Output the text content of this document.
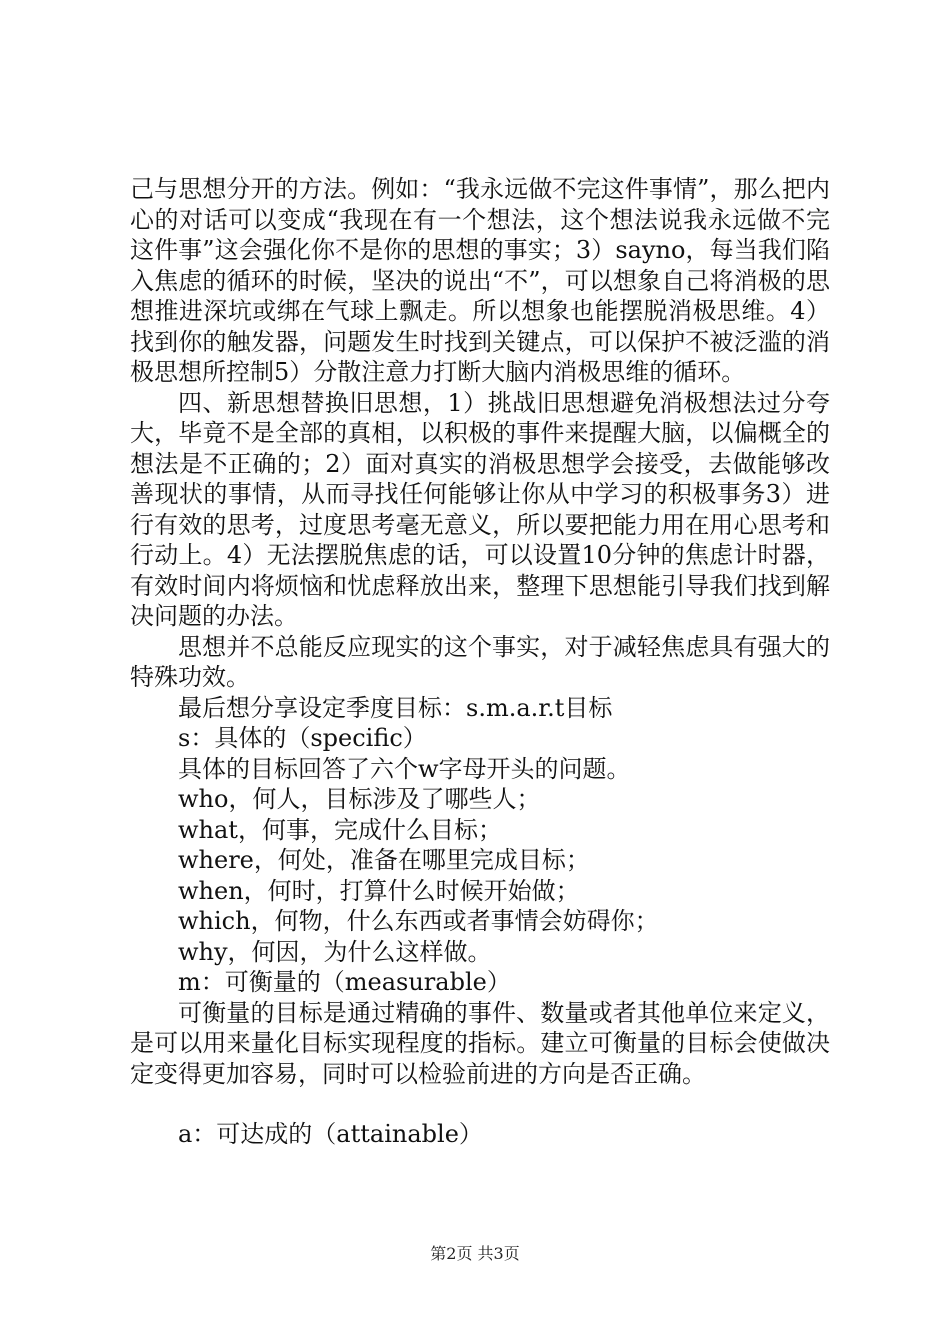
己与思想分开的方法。例如：“我永远做不完这件事情”，那么把内心的对话可以变成“我现在有一个想法，这个想法说我永远做不完这件事”这会强化你不是你的思想的事实；3）sayno，每当我们陷入焦虑的循环的时候，坚决的说出“不”，可以想象自己将消极的思想推进深坑或绑在气球上飘走。所以想象也能摆脱消极思维。4）找到你的触发器，问题发生时找到关键点，可以保护不被泛滥的消极思想所控制5）分散注意力打断大脑内消极思维的循环。

四、新思想替换旧思想，1）挑战旧思想避免消极想法过分夸大，毕竟不是全部的真相，以积极的事件来提醒大脑，以偏概全的想法是不正确的；2）面对真实的消极思想学会接受，去做能够改善现状的事情，从而寻找任何能够让你从中学习的积极事务3）进行有效的思考，过度思考毫无意义，所以要把能力用在用心思考和行动上。4）无法摆脱焦虑的话，可以设置10分钟的焦虑计时器，有效时间内将烦恼和忧虑释放出来，整理下思想能引导我们找到解决问题的办法。

思想并不总能反应现实的这个事实，对于减轻焦虑具有强大的特殊功效。

最后想分享设定季度目标：s.m.a.r.t目标

s：具体的（specific）

具体的目标回答了六个w字母开头的问题。

who，何人，目标涉及了哪些人；

what，何事，完成什么目标；

where，何处，准备在哪里完成目标；

when，何时，打算什么时候开始做；

which，何物，什么东西或者事情会妨碍你；

why，何因，为什么这样做。

m：可衡量的（measurable）

可衡量的目标是通过精确的事件、数量或者其他单位来定义，是可以用来量化目标实现程度的指标。建立可衡量的目标会使做决定变得更加容易，同时可以检验前进的方向是否正确。

a：可达成的（attainable）

第2页 共3页
